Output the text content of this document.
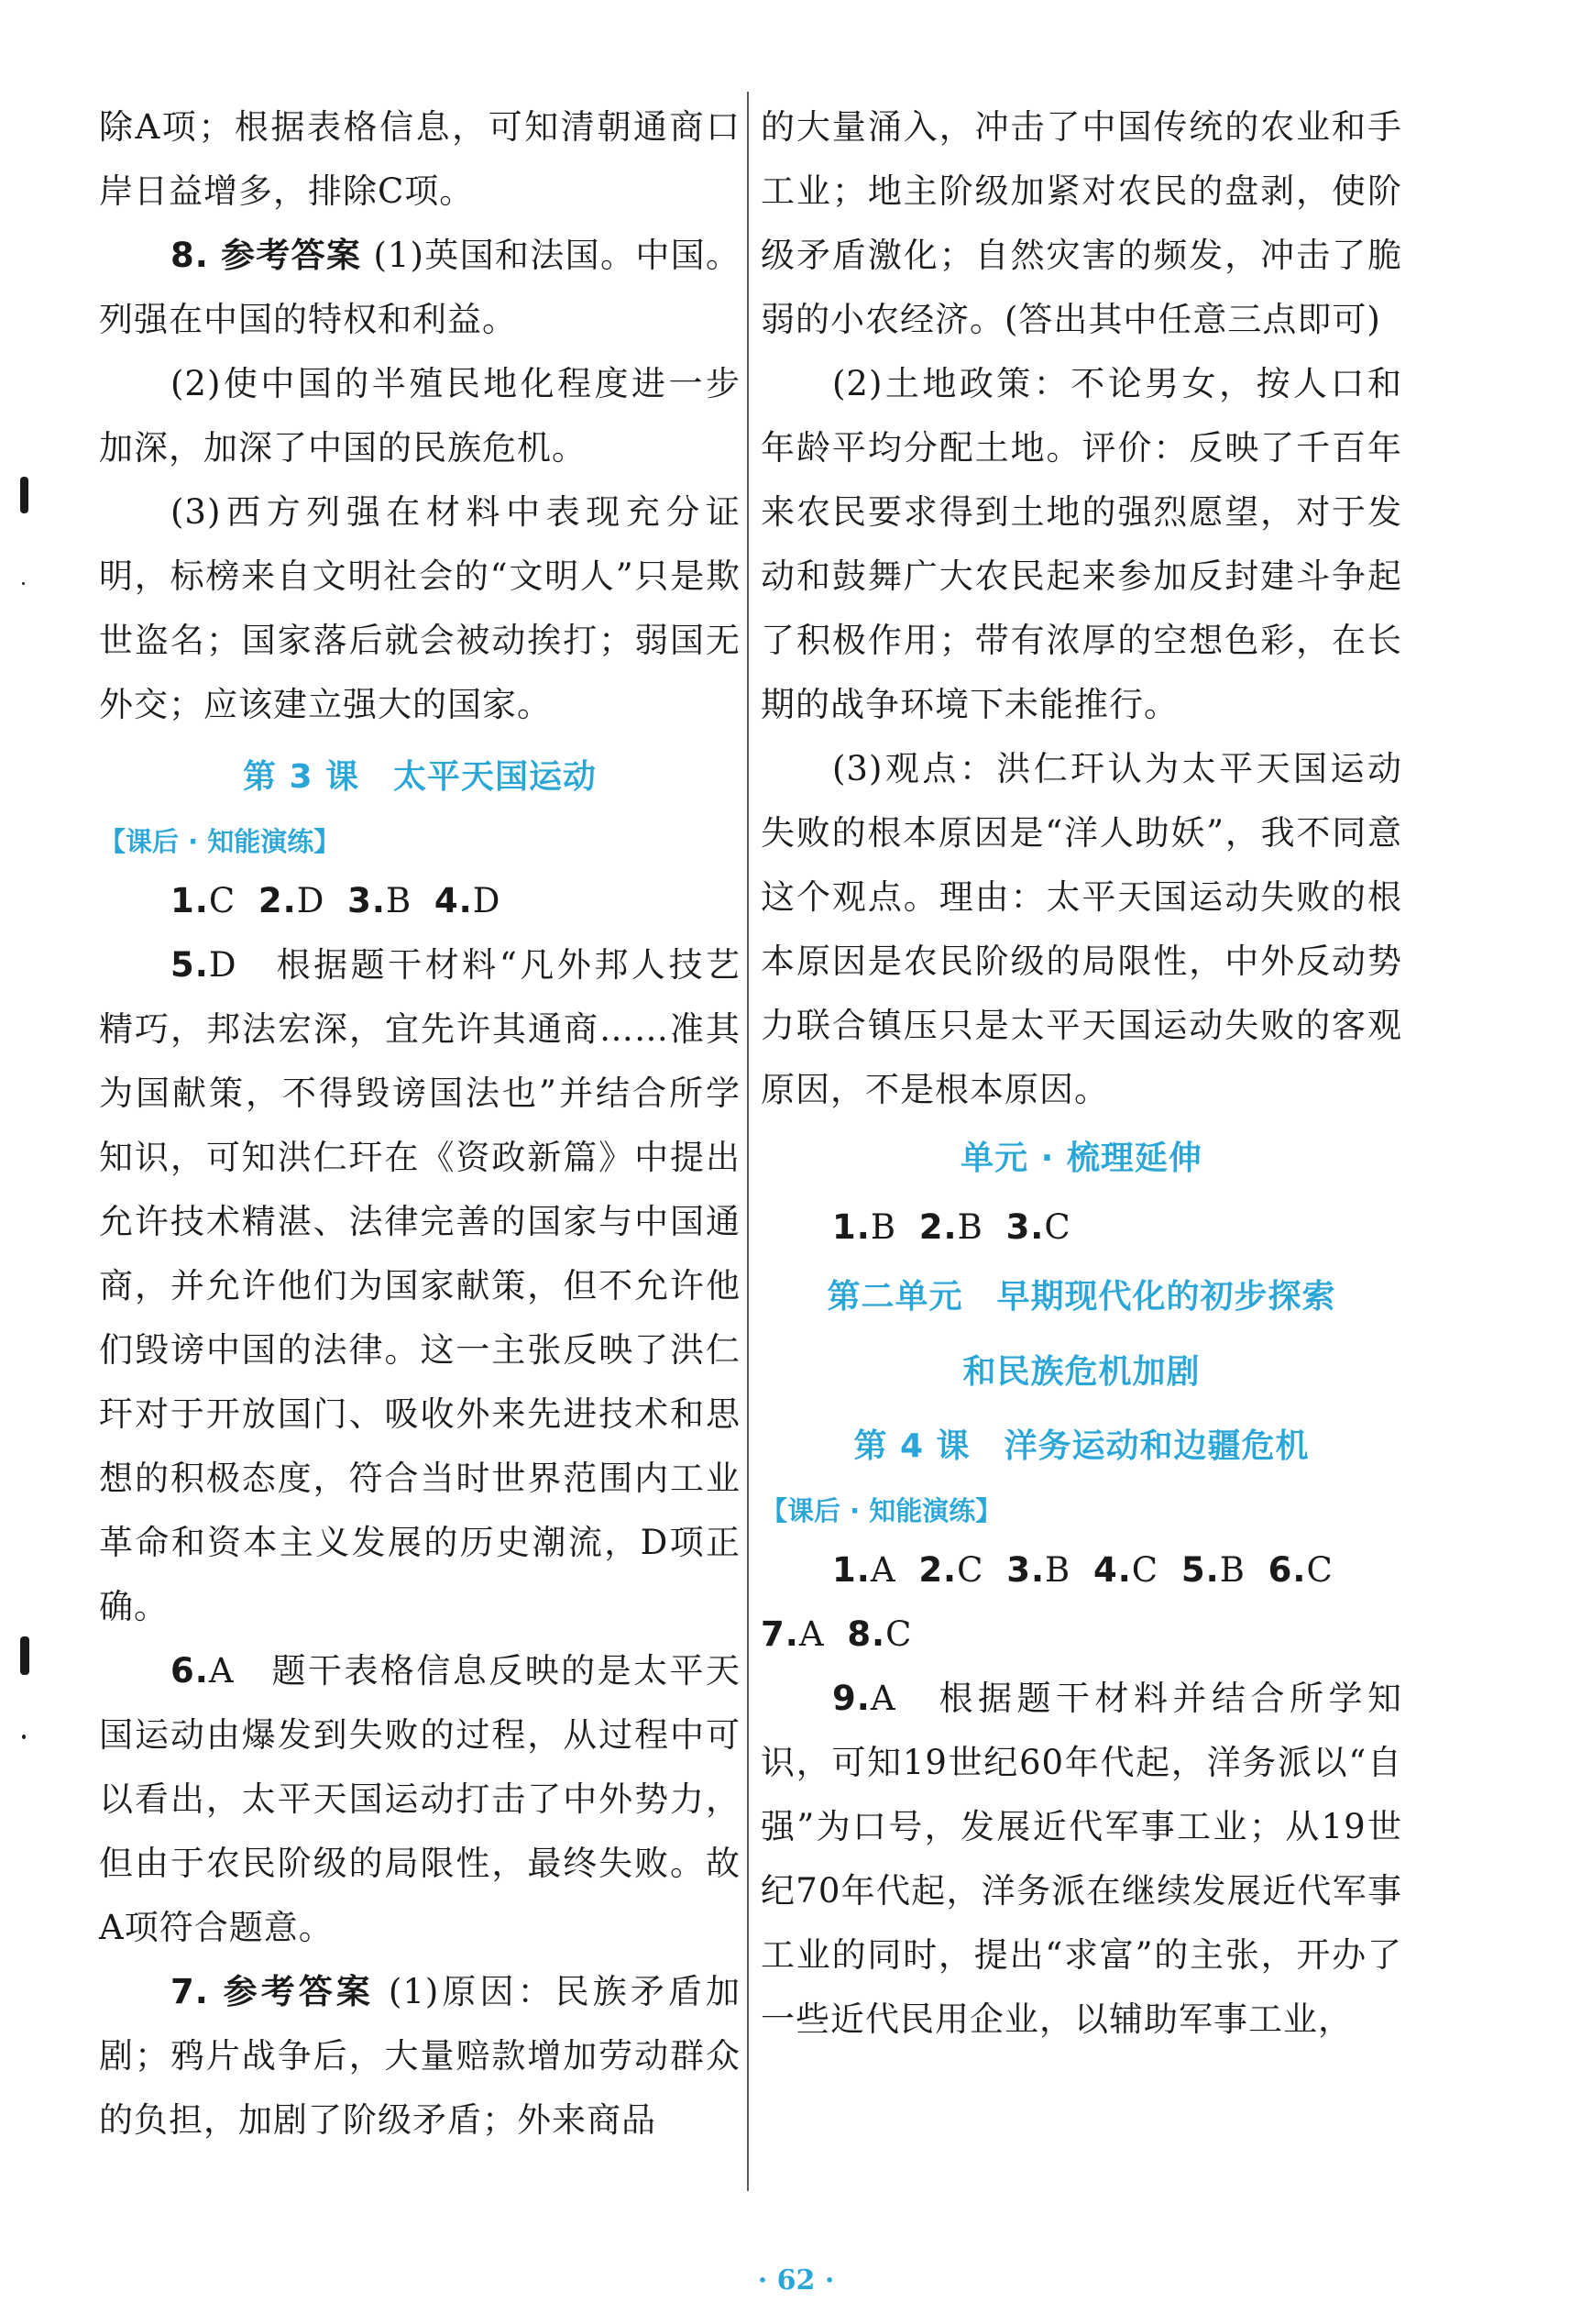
除A项；根据表格信息，可知清朝通商口岸日益增多，排除C项。

8. 参考答案 (1)英国和法国。中国。列强在中国的特权和利益。

(2)使中国的半殖民地化程度进一步加深，加深了中国的民族危机。

(3)西方列强在材料中表现充分证明，标榜来自文明社会的“文明人”只是欺世盗名；国家落后就会被动挨打；弱国无外交；应该建立强大的国家。

第 3 课　太平天国运动
【课后 · 知能演练】

1.C 2.D 3.B 4.D

5.D　 根据题干材料“凡外邦人技艺精巧，邦法宏深，宜先许其通商……准其为国献策，不得毁谤国法也”并结合所学知识，可知洪仁玕在《资政新篇》中提出允许技术精湛、法律完善的国家与中国通商，并允许他们为国家献策，但不允许他们毁谤中国的法律。这一主张反映了洪仁玕对于开放国门、吸收外来先进技术和思想的积极态度，符合当时世界范围内工业革命和资本主义发展的历史潮流，D项正确。

6.A　 题干表格信息反映的是太平天国运动由爆发到失败的过程，从过程中可以看出，太平天国运动打击了中外势力，但由于农民阶级的局限性，最终失败。故A项符合题意。

7. 参考答案 (1)原因：民族矛盾加剧；鸦片战争后，大量赔款增加劳动群众的负担，加剧了阶级矛盾；外来商品

的大量涌入，冲击了中国传统的农业和手工业；地主阶级加紧对农民的盘剥，使阶级矛盾激化；自然灾害的频发，冲击了脆弱的小农经济。(答出其中任意三点即可)

(2)土地政策：不论男女，按人口和年龄平均分配土地。评价：反映了千百年来农民要求得到土地的强烈愿望，对于发动和鼓舞广大农民起来参加反封建斗争起了积极作用；带有浓厚的空想色彩，在长期的战争环境下未能推行。

(3)观点：洪仁玕认为太平天国运动失败的根本原因是“洋人助妖”，我不同意这个观点。理由：太平天国运动失败的根本原因是农民阶级的局限性，中外反动势力联合镇压只是太平天国运动失败的客观原因，不是根本原因。

单元 · 梳理延伸

1.B 2.B 3.C

第二单元　早期现代化的初步探索
和民族危机加剧
第 4 课　洋务运动和边疆危机
【课后 · 知能演练】

1.A 2.C 3.B 4.C 5.B 6.C

7.A 8.C

9.A　 根据题干材料并结合所学知识，可知19世纪60年代起，洋务派以“自强”为口号，发展近代军事工业；从19世纪70年代起，洋务派在继续发展近代军事工业的同时，提出“求富”的主张，开办了一些近代民用企业，以辅助军事工业，

· 62 ·
